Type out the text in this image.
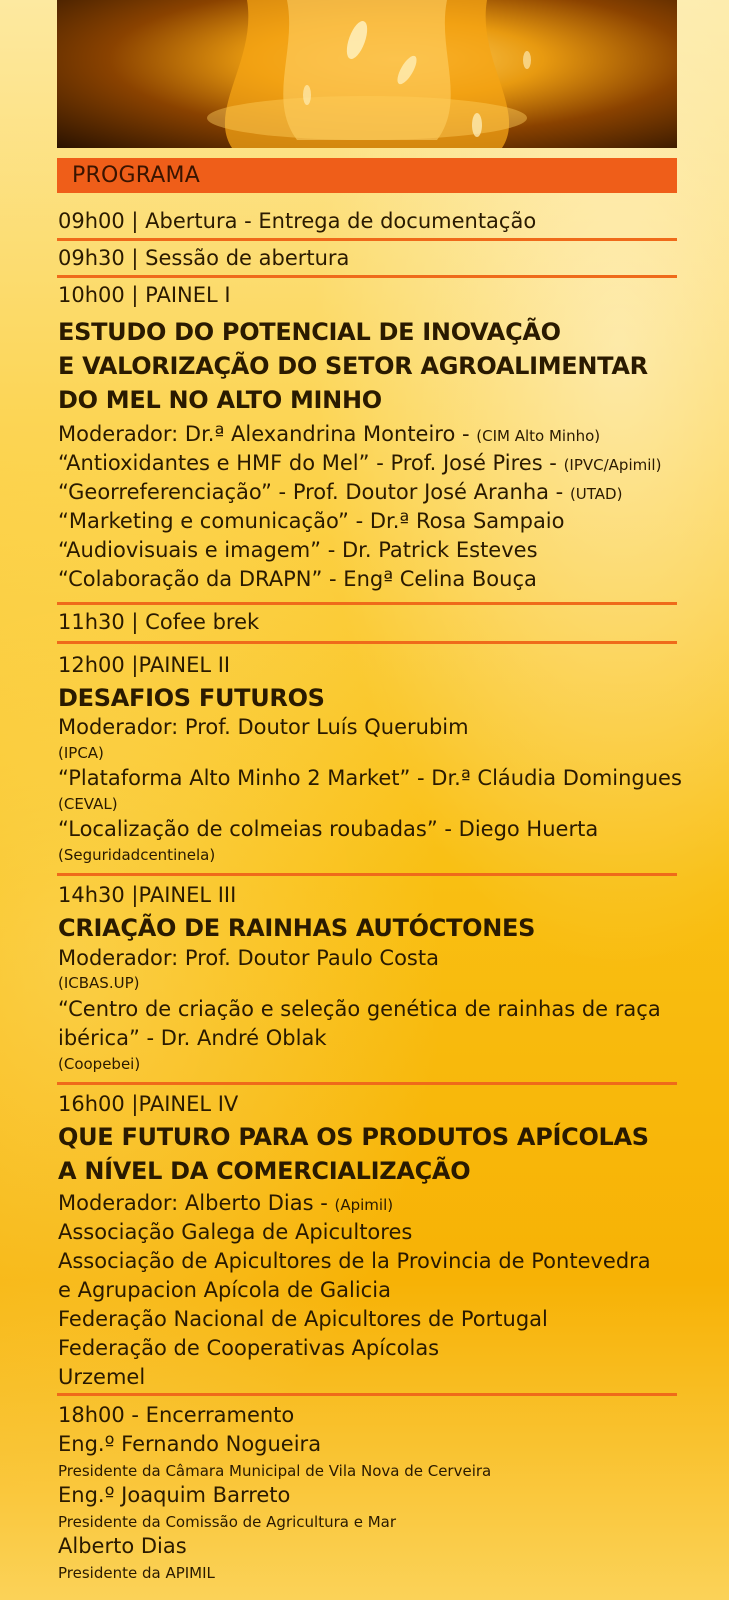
PROGRAMA
09h00 | Abertura - Entrega de documentação
09h30 | Sessão de abertura
10h00 | PAINEL I
ESTUDO DO POTENCIAL DE INOVAÇÃO
E VALORIZAÇÃO DO SETOR AGROALIMENTAR
DO MEL NO ALTO MINHO
Moderador: Dr.ª Alexandrina Monteiro - (CIM Alto Minho)
“Antioxidantes e HMF do Mel” - Prof. José Pires - (IPVC/Apimil)
“Georreferenciação” - Prof. Doutor José Aranha - (UTAD)
“Marketing e comunicação” - Dr.ª Rosa Sampaio
“Audiovisuais e imagem” - Dr. Patrick Esteves
“Colaboração da DRAPN” - Engª Celina Bouça
11h30 | Cofee brek
12h00 |PAINEL II
DESAFIOS FUTUROS
Moderador: Prof. Doutor Luís Querubim
(IPCA)
“Plataforma Alto Minho 2 Market” - Dr.ª Cláudia Domingues
(CEVAL)
“Localização de colmeias roubadas” - Diego Huerta
(Seguridadcentinela)
14h30 |PAINEL III
CRIAÇÃO DE RAINHAS AUTÓCTONES
Moderador: Prof. Doutor Paulo Costa
(ICBAS.UP)
“Centro de criação e seleção genética de rainhas de raça
ibérica” - Dr. André Oblak
(Coopebei)
16h00 |PAINEL IV
QUE FUTURO PARA OS PRODUTOS APÍCOLAS
A NÍVEL DA COMERCIALIZAÇÃO
Moderador: Alberto Dias - (Apimil)
Associação Galega de Apicultores
Associação de Apicultores de la Provincia de Pontevedra
e Agrupacion Apícola de Galicia
Federação Nacional de Apicultores de Portugal
Federação de Cooperativas Apícolas
Urzemel
18h00 - Encerramento
Eng.º Fernando Nogueira
Presidente da Câmara Municipal de Vila Nova de Cerveira
Eng.º Joaquim Barreto
Presidente da Comissão de Agricultura e Mar
Alberto Dias
Presidente da APIMIL
